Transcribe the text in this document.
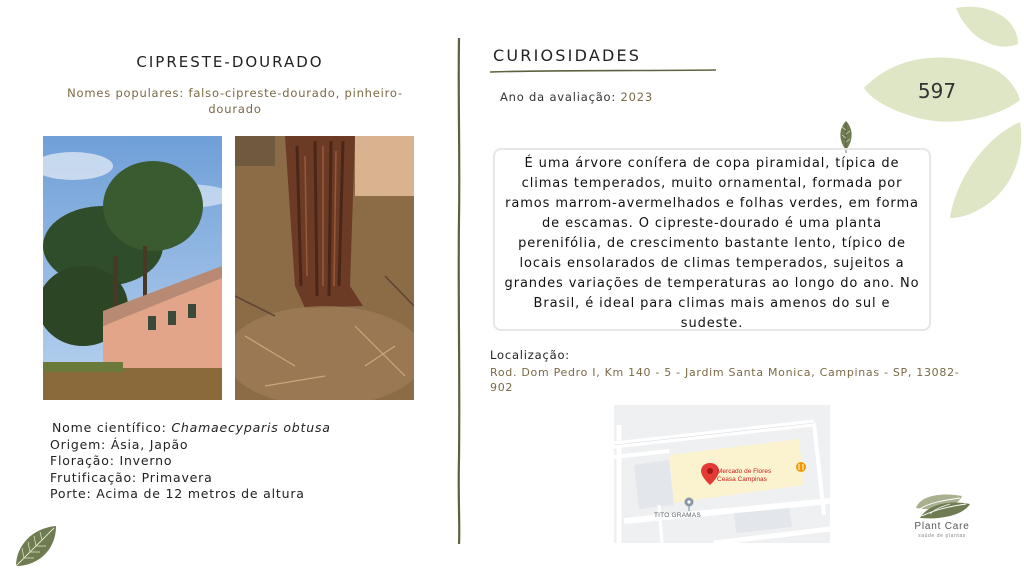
597
CIPRESTE-DOURADO
Nomes populares: falso-cipreste-dourado, pinheiro-dourado
Nome científico: Chamaecyparis obtusa
Origem: Ásia, Japão
Floração: Inverno
Frutificação: Primavera
Porte: Acima de 12 metros de altura
CURIOSIDADES
Ano da avaliação: 2023
É uma árvore conífera de copa piramidal, típica de climas temperados, muito ornamental, formada por ramos marrom-avermelhados e folhas verdes, em forma de escamas. O cipreste-dourado é uma planta perenifólia, de crescimento bastante lento, típico de locais ensolarados de climas temperados, sujeitos a grandes variações de temperaturas ao longo do ano. No Brasil, é ideal para climas mais amenos do sul e sudeste.
Localização:
Rod. Dom Pedro I, Km 140 - 5 - Jardim Santa Monica, Campinas - SP, 13082-902
Mercado de Flores
Ceasa Campinas
TITO GRAMAS
Plant Care
saúde de plantas
